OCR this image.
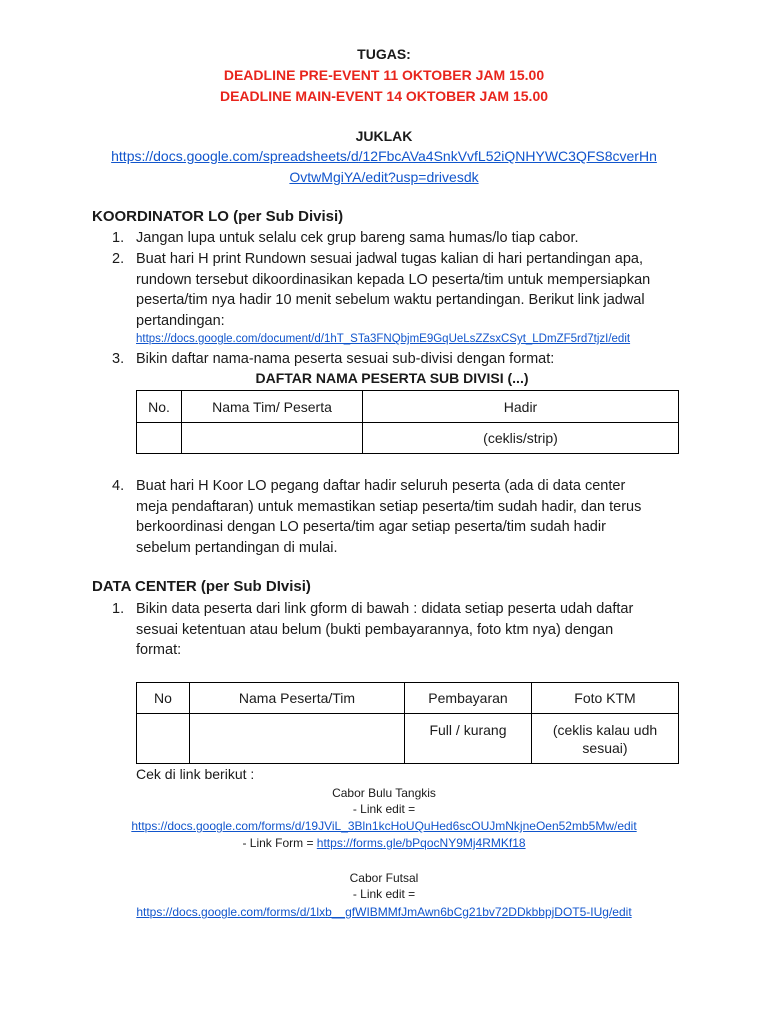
TUGAS:
DEADLINE PRE-EVENT 11 OKTOBER JAM 15.00
DEADLINE MAIN-EVENT 14 OKTOBER JAM 15.00
JUKLAK
https://docs.google.com/spreadsheets/d/12FbcAVa4SnkVvfL52iQNHYWC3QFS8cverHn
OvtwMgiYA/edit?usp=drivesdk
KOORDINATOR LO (per Sub Divisi)
1. Jangan lupa untuk selalu cek grup bareng sama humas/lo tiap cabor.
2. Buat hari H print Rundown sesuai jadwal tugas kalian di hari pertandingan apa,
rundown tersebut dikoordinasikan kepada LO peserta/tim untuk mempersiapkan
peserta/tim nya hadir 10 menit sebelum waktu pertandingan. Berikut link jadwal
pertandingan:
https://docs.google.com/document/d/1hT_STa3FNQbjmE9GqUeLsZZsxCSyt_LDmZF5rd7tjzI/edit
3. Bikin daftar nama-nama peserta sesuai sub-divisi dengan format:
DAFTAR NAMA PESERTA SUB DIVISI (...)
No.	Nama Tim/ Peserta	Hadir
		(ceklis/strip)
4. Buat hari H Koor LO pegang daftar hadir seluruh peserta (ada di data center
meja pendaftaran) untuk memastikan setiap peserta/tim sudah hadir, dan terus
berkoordinasi dengan LO peserta/tim agar setiap peserta/tim sudah hadir
sebelum pertandingan di mulai.
DATA CENTER (per Sub DIvisi)
1. Bikin data peserta dari link gform di bawah : didata setiap peserta udah daftar
sesuai ketentuan atau belum (bukti pembayarannya, foto ktm nya) dengan
format:
No	Nama Peserta/Tim	Pembayaran	Foto KTM
		Full / kurang	(ceklis kalau udh sesuai)
Cek di link berikut :
Cabor Bulu Tangkis
- Link edit =
https://docs.google.com/forms/d/19JViL_3Bln1kcHoUQuHed6scOUJmNkjneOen52mb5Mw/edit
- Link Form = https://forms.gle/bPqocNY9Mj4RMKf18
Cabor Futsal
- Link edit =
https://docs.google.com/forms/d/1lxb__gfWIBMMfJmAwn6bCg21bv72DDkbbpjDOT5-IUg/edit
